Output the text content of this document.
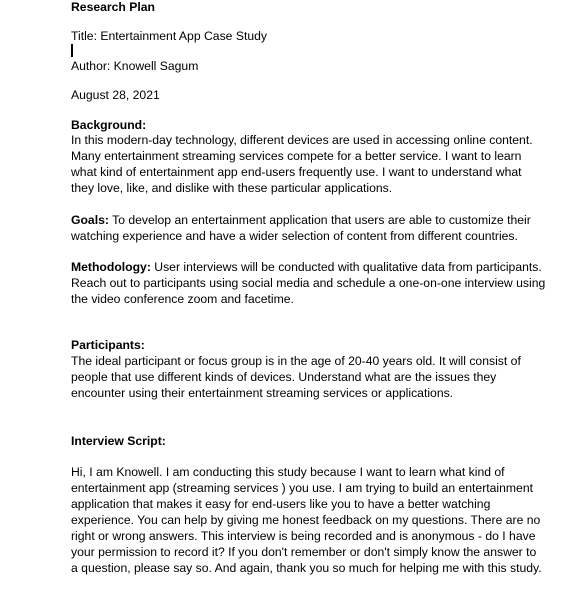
Research Plan
Title: Entertainment App Case Study
Author: Knowell Sagum
August 28, 2021
Background:
In this modern-day technology, different devices are used in accessing online content.
Many entertainment streaming services compete for a better service. I want to learn
what kind of entertainment app end-users frequently use. I want to understand what
they love, like, and dislike with these particular applications.
Goals: To develop an entertainment application that users are able to customize their
watching experience and have a wider selection of content from different countries.
Methodology: User interviews will be conducted with qualitative data from participants.
Reach out to participants using social media and schedule a one-on-one interview using
the video conference zoom and facetime.
Participants:
The ideal participant or focus group is in the age of 20-40 years old. It will consist of
people that use different kinds of devices. Understand what are the issues they
encounter using their entertainment streaming services or applications.
Interview Script:
Hi, I am Knowell. I am conducting this study because I want to learn what kind of
entertainment app (streaming services ) you use. I am trying to build an entertainment
application that makes it easy for end-users like you to have a better watching
experience. You can help by giving me honest feedback on my questions. There are no
right or wrong answers. This interview is being recorded and is anonymous - do I have
your permission to record it? If you don't remember or don't simply know the answer to
a question, please say so. And again, thank you so much for helping me with this study.
